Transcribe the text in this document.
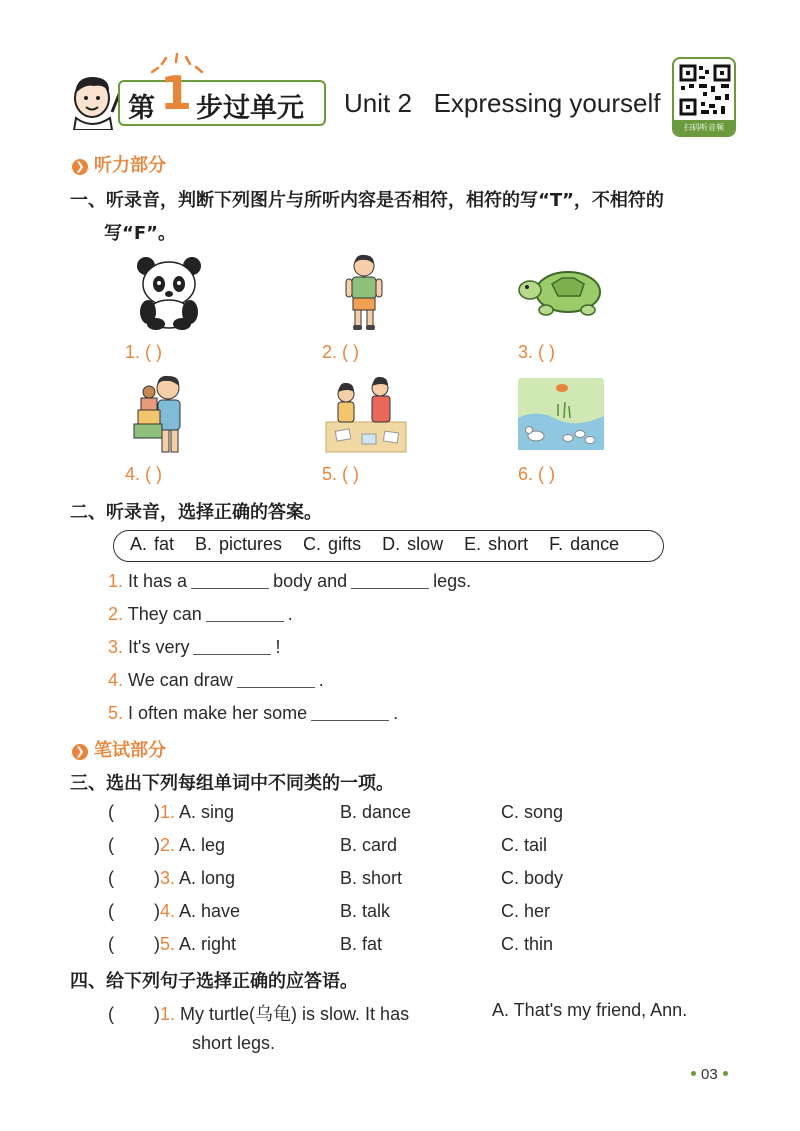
第 1 步过单元 Unit 2   Expressing yourself
扫码听音频
❯ 听力部分
一、听录音，判断下列图片与所听内容是否相符，相符的写“T”，不相符的
写“F”。
1. ( )	2. ( )	3. ( )
4. ( )	5. ( )	6. ( )
二、听录音，选择正确的答案。
A. fat   B. pictures   C. gifts   D. slow   E. short   F. dance
1. It has a	body and	legs.
2. They can	.
3. It's very	!
4. We can draw	.
5. I often make her some	.
❯ 笔试部分
三、选出下列每组单词中不同类的一项。
(        )1. A. sing	B. dance	C. song
(        )2. A. leg	B. card	C. tail
(        )3. A. long	B. short	C. body
(        )4. A. have	B. talk	C. her
(        )5. A. right	B. fat	C. thin
四、给下列句子选择正确的应答语。
(        )1. My turtle(乌龟) is slow. It has
short legs.
A. That's my friend, Ann.
03
